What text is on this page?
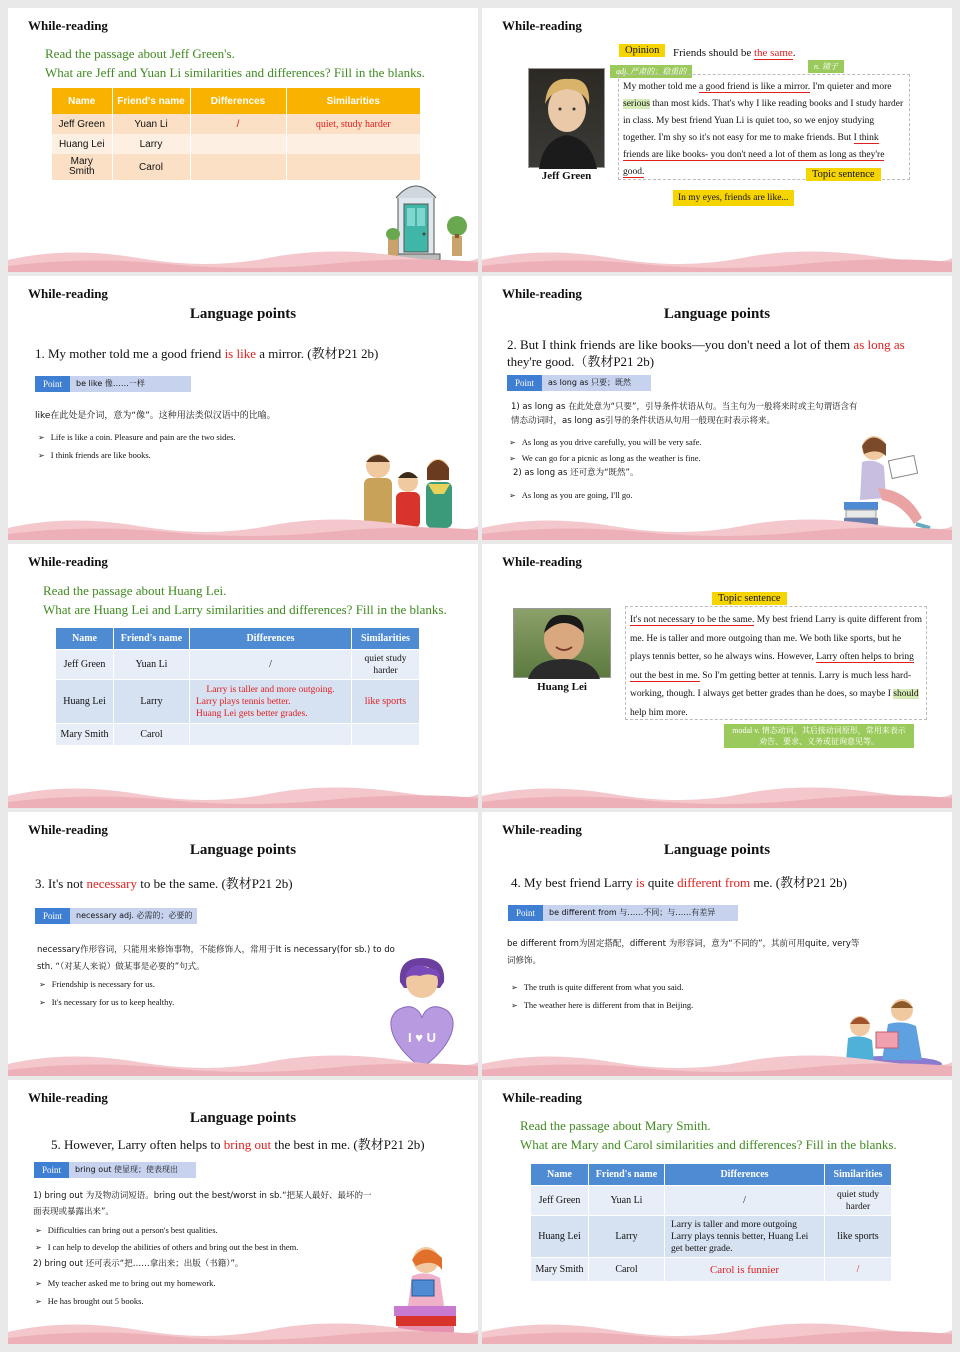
While-reading
Read the passage about Jeff Green's.
What are Jeff and Yuan Li similarities and differences? Fill in the blanks.
Name	Friend's name	Differences	Similarities
Jeff Green	Yuan Li	/	quiet, study harder
Huang Lei	Larry		
Mary Smith	Carol		
While-reading
Opinion	Friends should be the same.
adj. 严肃的；稳重的
n. 镜子
Jeff Green
My mother told me a good friend is like a mirror. I'm quieter and more serious than most kids. That's why I like reading books and I study harder in class. My best friend Yuan Li is quiet too, so we enjoy studying together. I'm shy so it's not easy for me to make friends. But I think friends are like books- you don't need a lot of them as long as they're good.	Topic sentence
In my eyes, friends are like...
While-reading
Language points
1. My mother told me a good friend is like a mirror. (教材P21 2b)
Point	be like 像……一样
like在此处是介词，意为“像”。这种用法类似汉语中的比喻。
➢ Life is like a coin. Pleasure and pain are the two sides.
➢ I think friends are like books.
While-reading
Language points
2. But I think friends are like books—you don't need a lot of them as long as they're good.（教材P21 2b)
Point	as long as 只要；既然
1) as long as 在此处意为“只要”，引导条件状语从句。当主句为一般将来时或主句谓语含有情态动词时，as long as引导的条件状语从句用一般现在时表示将来。
➢ As long as you drive carefully, you will be very safe.
➢ We can go for a picnic as long as the weather is fine.
2) as long as 还可意为“既然”。
➢ As long as you are going, I'll go.
While-reading
Read the passage about Huang Lei.
What are Huang Lei and Larry similarities and differences? Fill in the blanks.
Name	Friend's name	Differences	Similarities
Jeff Green	Yuan Li	/	quiet study harder
Huang Lei	Larry	Larry is taller and more outgoing.
Larry plays tennis better.
Huang Lei gets better grades.	like sports
Mary Smith	Carol		
While-reading
Topic sentence
Huang Lei
It's not necessary to be the same. My best friend Larry is quite different from me. He is taller and more outgoing than me. We both like sports, but he plays tennis better, so he always wins. However, Larry often helps to bring out the best in me. So I'm getting better at tennis. Larry is much less hard-working, though. I always get better grades than he does, so maybe I should help him more.
modal v. 情态动词，其后接动词原形，常用来表示劝告、要求、义务或征询意见等。
While-reading
Language points
3. It's not necessary to be the same. (教材P21 2b)
Point	necessary adj. 必需的；必要的
necessary作形容词，只能用来修饰事物，不能修饰人，常用于It is necessary(for sb.) to do sth. “（对某人来说）做某事是必要的”句式。
➢ Friendship is necessary for us.
➢ It's necessary for us to keep healthy.
I ♥ U
While-reading
Language points
4. My best friend Larry is quite different from me. (教材P21 2b)
Point	be different from 与……不同；与……有差异
be different from为固定搭配，different 为形容词，意为“不同的”，其前可用quite, very等词修饰。
➢ The truth is quite different from what you said.
➢ The weather here is different from that in Beijing.
While-reading
Language points
5. However, Larry often helps to bring out the best in me. (教材P21 2b)
Point	bring out 使显现；使表现出
1) bring out 为及物动词短语。bring out the best/worst in sb.“把某人最好、最坏的一面表现或暴露出来”。
➢ Difficulties can bring out a person's best qualities.
➢ I can help to develop the abilities of others and bring out the best in them.
2) bring out 还可表示“把……拿出来；出版（书籍）”。
➢ My teacher asked me to bring out my homework.
➢ He has brought out 5 books.
While-reading
Read the passage about Mary Smith.
What are Mary and Carol similarities and differences? Fill in the blanks.
Name	Friend's name	Differences	Similarities
Jeff Green	Yuan Li	/	quiet study harder
Huang Lei	Larry	Larry is taller and more outgoing Larry plays tennis better, Huang Lei get better grade.	like sports
Mary Smith	Carol	Carol is funnier	/
